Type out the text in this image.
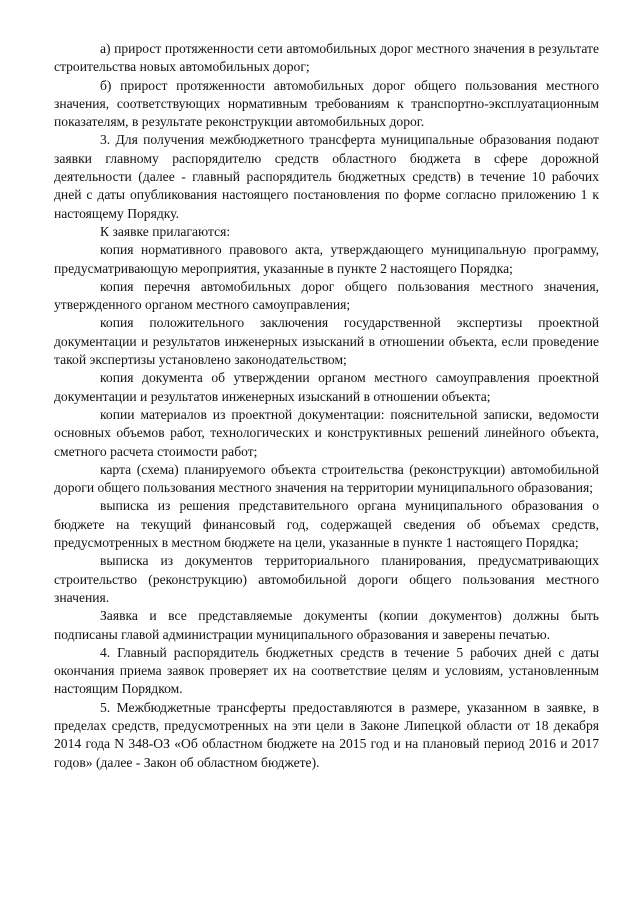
а) прирост протяженности сети автомобильных дорог местного значения в результате строительства новых автомобильных дорог;

б) прирост протяженности автомобильных дорог общего пользования местного значения, соответствующих нормативным требованиям к транспортно-эксплуатационным показателям, в результате реконструкции автомобильных дорог.

3. Для получения межбюджетного трансферта муниципальные образования подают заявки главному распорядителю средств областного бюджета в сфере дорожной деятельности (далее - главный распорядитель бюджетных средств) в течение 10 рабочих дней с даты опубликования настоящего постановления по форме согласно приложению 1 к настоящему Порядку.

К заявке прилагаются:

копия нормативного правового акта, утверждающего муниципальную программу, предусматривающую мероприятия, указанные в пункте 2 настоящего Порядка;

копия перечня автомобильных дорог общего пользования местного значения, утвержденного органом местного самоуправления;

копия положительного заключения государственной экспертизы проектной документации и результатов инженерных изысканий в отношении объекта, если проведение такой экспертизы установлено законодательством;

копия документа об утверждении органом местного самоуправления проектной документации и результатов инженерных изысканий в отношении объекта;

копии материалов из проектной документации: пояснительной записки, ведомости основных объемов работ, технологических и конструктивных решений линейного объекта, сметного расчета стоимости работ;

карта (схема) планируемого объекта строительства (реконструкции) автомобильной дороги общего пользования местного значения на территории муниципального образования;

выписка из решения представительного органа муниципального образования о бюджете на текущий финансовый год, содержащей сведения об объемах средств, предусмотренных в местном бюджете на цели, указанные в пункте 1 настоящего Порядка;

выписка из документов территориального планирования, предусматривающих строительство (реконструкцию) автомобильной дороги общего пользования местного значения.

Заявка и все представляемые документы (копии документов) должны быть подписаны главой администрации муниципального образования и заверены печатью.

4. Главный распорядитель бюджетных средств в течение 5 рабочих дней с даты окончания приема заявок проверяет их на соответствие целям и условиям, установленным настоящим Порядком.

5. Межбюджетные трансферты предоставляются в размере, указанном в заявке, в пределах средств, предусмотренных на эти цели в Законе Липецкой области от 18 декабря 2014 года N 348-ОЗ «Об областном бюджете на 2015 год и на плановый период 2016 и 2017 годов» (далее - Закон об областном бюджете).
